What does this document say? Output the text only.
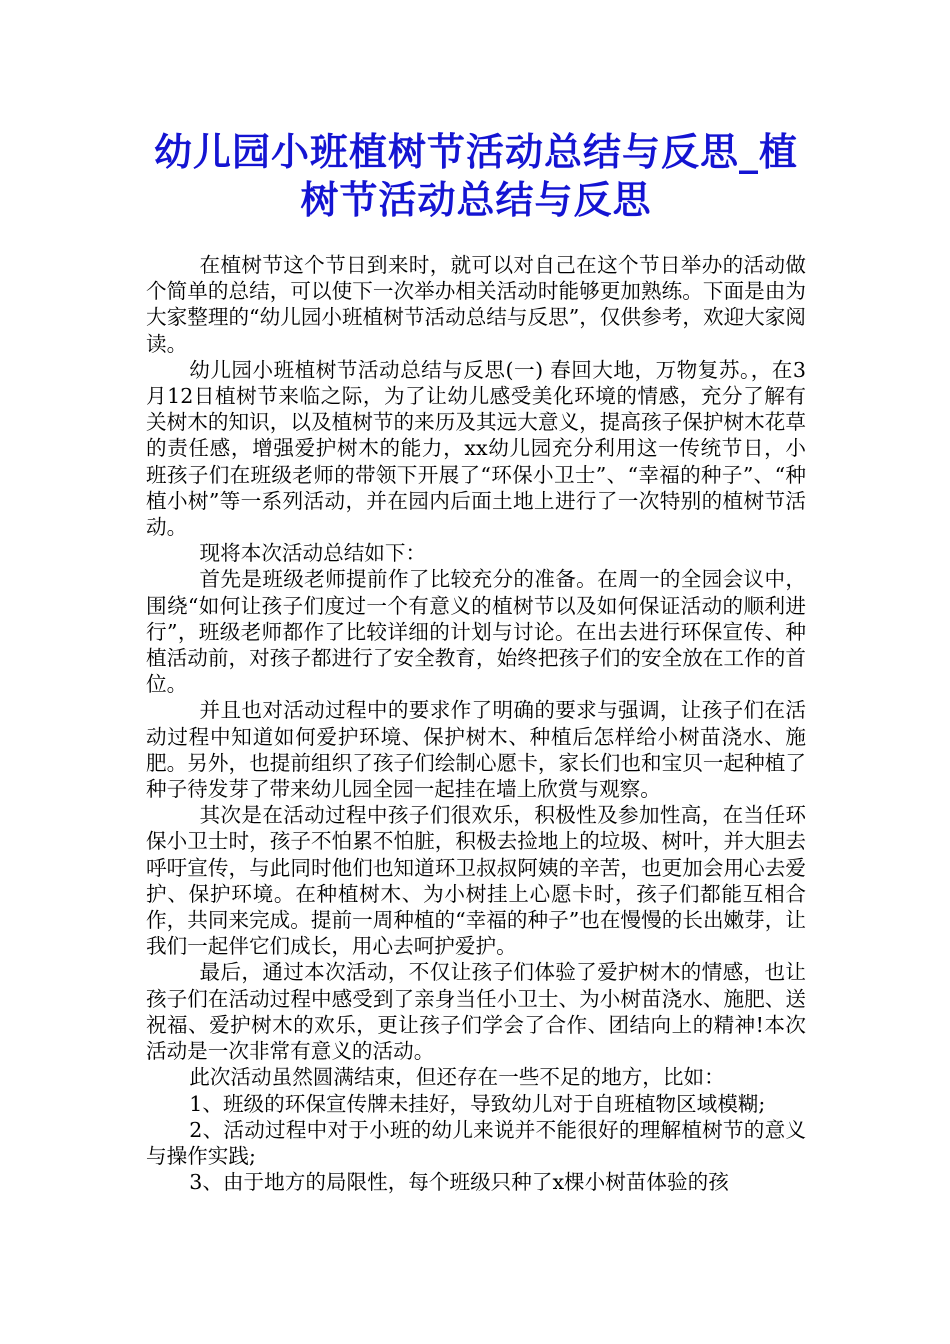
幼儿园小班植树节活动总结与反思_植树节活动总结与反思

在植树节这个节日到来时，就可以对自己在这个节日举办的活动做个简单的总结，可以使下一次举办相关活动时能够更加熟练。下面是由为大家整理的“幼儿园小班植树节活动总结与反思”，仅供参考，欢迎大家阅读。

幼儿园小班植树节活动总结与反思(一) 春回大地，万物复苏。，在3月12日植树节来临之际，为了让幼儿感受美化环境的情感，充分了解有关树木的知识，以及植树节的来历及其远大意义，提高孩子保护树木花草的责任感，增强爱护树木的能力，xx幼儿园充分利用这一传统节日，小班孩子们在班级老师的带领下开展了“环保小卫士”、“幸福的种子”、“种植小树”等一系列活动，并在园内后面土地上进行了一次特别的植树节活动。

现将本次活动总结如下：

首先是班级老师提前作了比较充分的准备。在周一的全园会议中，围绕“如何让孩子们度过一个有意义的植树节以及如何保证活动的顺利进行”，班级老师都作了比较详细的计划与讨论。在出去进行环保宣传、种植活动前，对孩子都进行了安全教育，始终把孩子们的安全放在工作的首位。

并且也对活动过程中的要求作了明确的要求与强调，让孩子们在活动过程中知道如何爱护环境、保护树木、种植后怎样给小树苗浇水、施肥。另外，也提前组织了孩子们绘制心愿卡，家长们也和宝贝一起种植了种子待发芽了带来幼儿园全园一起挂在墙上欣赏与观察。

其次是在活动过程中孩子们很欢乐，积极性及参加性高，在当任环保小卫士时，孩子不怕累不怕脏，积极去捡地上的垃圾、树叶，并大胆去呼吁宣传，与此同时他们也知道环卫叔叔阿姨的辛苦，也更加会用心去爱护、保护环境。在种植树木、为小树挂上心愿卡时，孩子们都能互相合作，共同来完成。提前一周种植的“幸福的种子”也在慢慢的长出嫩芽，让我们一起伴它们成长，用心去呵护爱护。

最后，通过本次活动，不仅让孩子们体验了爱护树木的情感，也让孩子们在活动过程中感受到了亲身当任小卫士、为小树苗浇水、施肥、送祝福、爱护树木的欢乐，更让孩子们学会了合作、团结向上的精神!本次活动是一次非常有意义的活动。

此次活动虽然圆满结束，但还存在一些不足的地方，比如：

1、班级的环保宣传牌未挂好，导致幼儿对于自班植物区域模糊;

2、活动过程中对于小班的幼儿来说并不能很好的理解植树节的意义与操作实践;

3、由于地方的局限性，每个班级只种了x棵小树苗体验的孩
